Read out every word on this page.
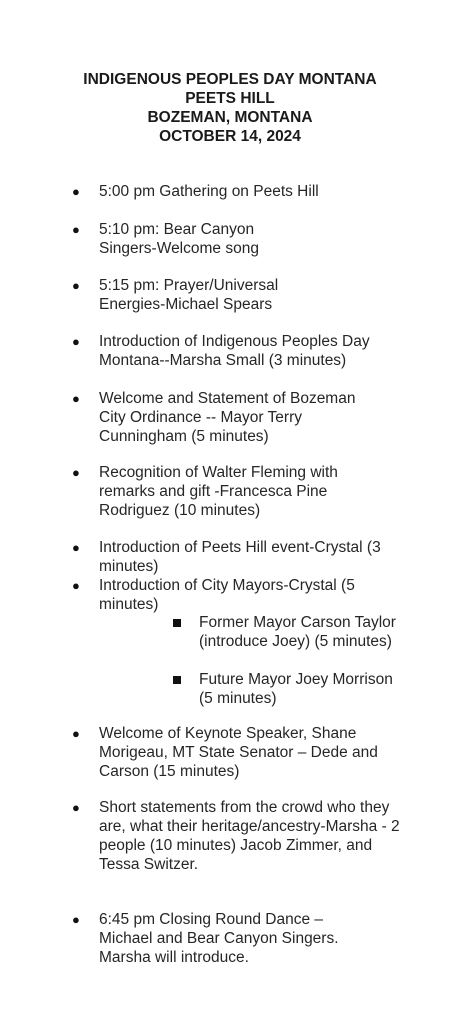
INDIGENOUS PEOPLES DAY MONTANA
PEETS HILL
BOZEMAN, MONTANA
OCTOBER 14, 2024
● 5:00 pm Gathering on Peets Hill
● 5:10 pm: Bear Canyon Singers-Welcome song
● 5:15 pm: Prayer/Universal Energies-Michael Spears
● Introduction of Indigenous Peoples Day Montana--Marsha Small (3 minutes)
● Welcome and Statement of Bozeman City Ordinance -- Mayor Terry Cunningham (5 minutes)
● Recognition of Walter Fleming with remarks and gift -Francesca Pine Rodriguez (10 minutes)
● Introduction of Peets Hill event-Crystal (3 minutes)
● Introduction of City Mayors-Crystal (5 minutes)
Former Mayor Carson Taylor (introduce Joey) (5 minutes)
Future Mayor Joey Morrison (5 minutes)
● Welcome of Keynote Speaker, Shane Morigeau, MT State Senator – Dede and Carson (15 minutes)
● Short statements from the crowd who they are, what their heritage/ancestry-Marsha - 2 people (10 minutes) Jacob Zimmer, and Tessa Switzer.
● 6:45 pm Closing Round Dance – Michael and Bear Canyon Singers. Marsha will introduce.
